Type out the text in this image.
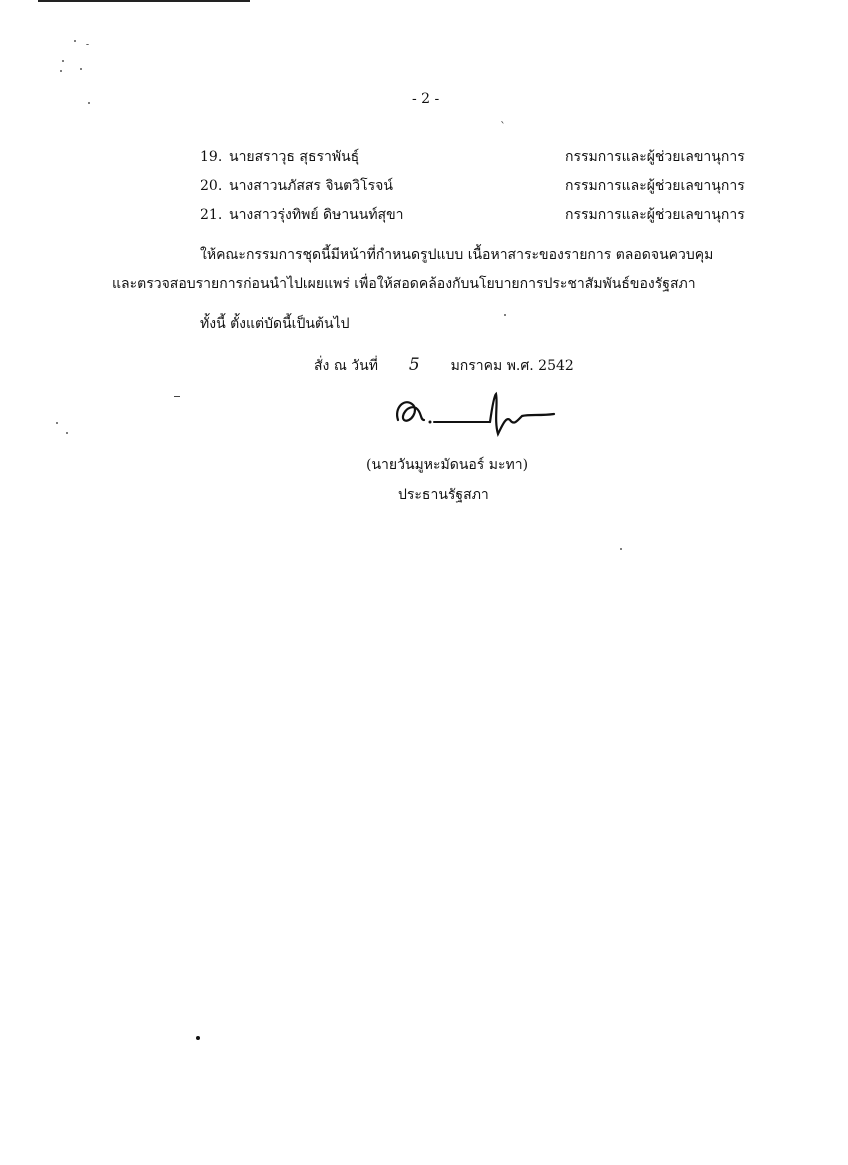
`
- 2 -
19. นายสราวุธ สุธราพันธุ์	กรรมการและผู้ช่วยเลขานุการ
20. นางสาวนภัสสร จินตวิโรจน์	กรรมการและผู้ช่วยเลขานุการ
21. นางสาวรุ่งทิพย์ ดิษานนท์สุขา	กรรมการและผู้ช่วยเลขานุการ
ให้คณะกรรมการชุดนี้มีหน้าที่กำหนดรูปแบบ เนื้อหาสาระของรายการ ตลอดจนควบคุม
และตรวจสอบรายการก่อนนำไปเผยแพร่ เพื่อให้สอดคล้องกับนโยบายการประชาสัมพันธ์ของรัฐสภา
ทั้งนี้ ตั้งแต่บัดนี้เป็นต้นไป
สั่ง ณ วันที่ 5 มกราคม พ.ศ. 2542
(นายวันมูหะมัดนอร์ มะทา)
ประธานรัฐสภา
